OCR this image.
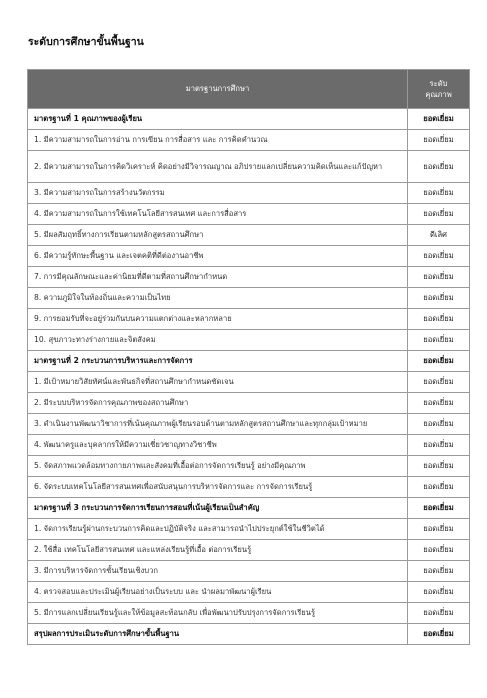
ระดับการศึกษาขั้นพื้นฐาน
มาตรฐานการศึกษา	ระดับ
คุณภาพ
มาตรฐานที่ 1 คุณภาพของผู้เรียน	ยอดเยี่ยม
1. มีความสามารถในการอ่าน การเขียน การสื่อสาร และ การคิดคำนวณ	ยอดเยี่ยม
2. มีความสามารถในการคิดวิเคราะห์ คิดอย่างมีวิจารณญาณ อภิปรายแลกเปลี่ยนความคิดเห็นและแก้ปัญหา	ยอดเยี่ยม
3. มีความสามารถในการสร้างนวัตกรรม	ยอดเยี่ยม
4. มีความสามารถในการใช้เทคโนโลยีสารสนเทศ และการสื่อสาร	ยอดเยี่ยม
5. มีผลสัมฤทธิ์ทางการเรียนตามหลักสูตรสถานศึกษา	ดีเลิศ
6. มีความรู้ทักษะพื้นฐาน และเจตคติที่ดีต่องานอาชีพ	ยอดเยี่ยม
7. การมีคุณลักษณะและค่านิยมที่ดีตามที่สถานศึกษากำหนด	ยอดเยี่ยม
8. ความภูมิใจในท้องถิ่นและความเป็นไทย	ยอดเยี่ยม
9. การยอมรับที่จะอยู่ร่วมกันบนความแตกต่างและหลากหลาย	ยอดเยี่ยม
10. สุขภาวะทางร่างกายและจิตสังคม	ยอดเยี่ยม
มาตรฐานที่ 2 กระบวนการบริหารและการจัดการ	ยอดเยี่ยม
1. มีเป้าหมายวิสัยทัศน์และพันธกิจที่สถานศึกษากำหนดชัดเจน	ยอดเยี่ยม
2. มีระบบบริหารจัดการคุณภาพของสถานศึกษา	ยอดเยี่ยม
3. ดำเนินงานพัฒนาวิชาการที่เน้นคุณภาพผู้เรียนรอบด้านตามหลักสูตรสถานศึกษาและทุกกลุ่มเป้าหมาย	ยอดเยี่ยม
4. พัฒนาครูและบุคลากรให้มีความเชี่ยวชาญทางวิชาชีพ	ยอดเยี่ยม
5. จัดสภาพแวดล้อมทางกายภาพและสังคมที่เอื้อต่อการจัดการเรียนรู้ อย่างมีคุณภาพ	ยอดเยี่ยม
6. จัดระบบเทคโนโลยีสารสนเทศเพื่อสนับสนุนการบริหารจัดการและ การจัดการเรียนรู้	ยอดเยี่ยม
มาตรฐานที่ 3 กระบวนการจัดการเรียนการสอนที่เน้นผู้เรียนเป็นสำคัญ	ยอดเยี่ยม
1. จัดการเรียนรู้ผ่านกระบวนการคิดและปฏิบัติจริง และสามารถนำไปประยุกต์ใช้ในชีวิตได้	ยอดเยี่ยม
2. ใช้สื่อ เทคโนโลยีสารสนเทศ และแหล่งเรียนรู้ที่เอื้อ ต่อการเรียนรู้	ยอดเยี่ยม
3. มีการบริหารจัดการชั้นเรียนเชิงบวก	ยอดเยี่ยม
4. ตรวจสอบและประเมินผู้เรียนอย่างเป็นระบบ และ นำผลมาพัฒนาผู้เรียน	ยอดเยี่ยม
5. มีการแลกเปลี่ยนเรียนรู้และให้ข้อมูลสะท้อนกลับ เพื่อพัฒนาปรับปรุงการจัดการเรียนรู้	ยอดเยี่ยม
สรุปผลการประเมินระดับการศึกษาขั้นพื้นฐาน	ยอดเยี่ยม
